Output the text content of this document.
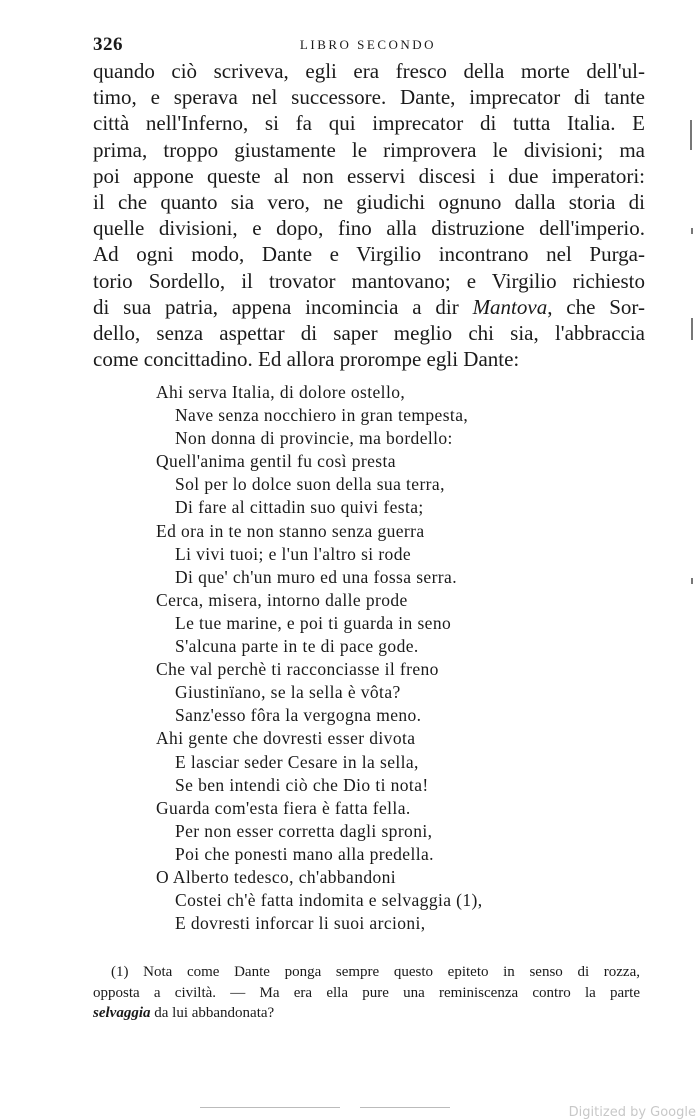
326	LIBRO SECONDO
quando ciò scriveva, egli era fresco della morte dell'ul-
timo, e sperava nel successore. Dante, imprecator di tante
città nell'Inferno, si fa qui imprecator di tutta Italia. E
prima, troppo giustamente le rimprovera le divisioni; ma
poi appone queste al non esservi discesi i due imperatori:
il che quanto sia vero, ne giudichi ognuno dalla storia di
quelle divisioni, e dopo, fino alla distruzione dell'imperio.
Ad ogni modo, Dante e Virgilio incontrano nel Purga-
torio Sordello, il trovator mantovano; e Virgilio richiesto
di sua patria, appena incomincia a dir Mantova, che Sor-
dello, senza aspettar di saper meglio chi sia, l'abbraccia
come concittadino. Ed allora prorompe egli Dante:
Ahi serva Italia, di dolore ostello,
Nave senza nocchiero in gran tempesta,
Non donna di provincie, ma bordello:
Quell'anima gentil fu così presta
Sol per lo dolce suon della sua terra,
Di fare al cittadin suo quivi festa;
Ed ora in te non stanno senza guerra
Li vivi tuoi; e l'un l'altro si rode
Di que' ch'un muro ed una fossa serra.
Cerca, misera, intorno dalle prode
Le tue marine, e poi ti guarda in seno
S'alcuna parte in te di pace gode.
Che val perchè ti racconciasse il freno
Giustinïano, se la sella è vôta?
Sanz'esso fôra la vergogna meno.
Ahi gente che dovresti esser divota
E lasciar seder Cesare in la sella,
Se ben intendi ciò che Dio ti nota!
Guarda com'esta fiera è fatta fella.
Per non esser corretta dagli sproni,
Poi che ponesti mano alla predella.
O Alberto tedesco, ch'abbandoni
Costei ch'è fatta indomita e selvaggia (1),
E dovresti inforcar li suoi arcioni,
(1) Nota come Dante ponga sempre questo epiteto in senso di rozza,
opposta a civiltà. — Ma era ella pure una reminiscenza contro la parte
selvaggia da lui abbandonata?
Digitized by Google
